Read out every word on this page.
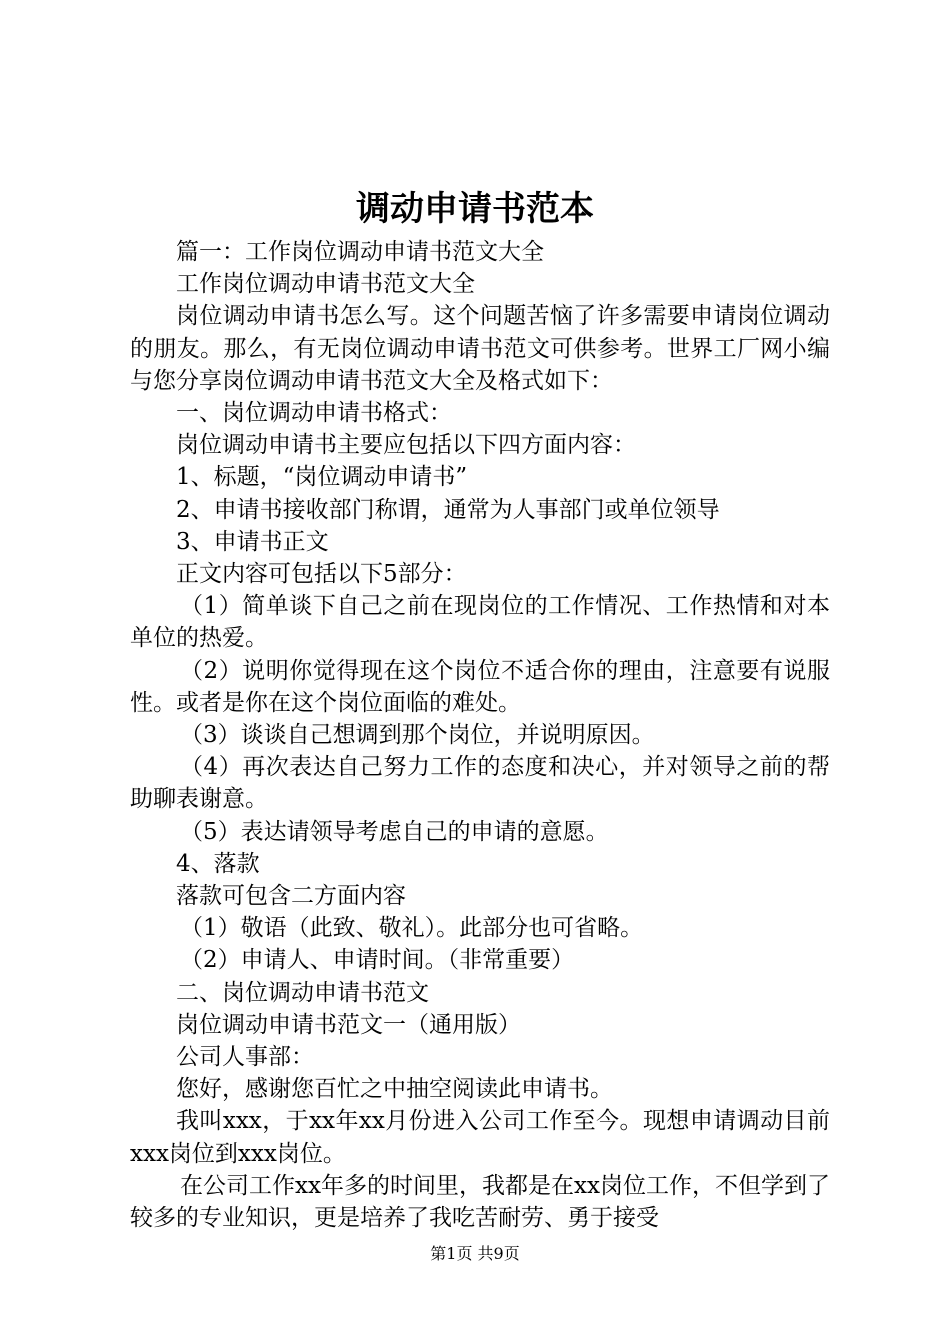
调动申请书范本

篇一：工作岗位调动申请书范文大全

工作岗位调动申请书范文大全

岗位调动申请书怎么写。这个问题苦恼了许多需要申请岗位调动的朋友。那么，有无岗位调动申请书范文可供参考。世界工厂网小编与您分享岗位调动申请书范文大全及格式如下：

一、岗位调动申请书格式：

岗位调动申请书主要应包括以下四方面内容：

1、标题，“岗位调动申请书”

2、申请书接收部门称谓，通常为人事部门或单位领导

3、申请书正文

正文内容可包括以下5部分：

（1）简单谈下自己之前在现岗位的工作情况、工作热情和对本单位的热爱。

（2）说明你觉得现在这个岗位不适合你的理由，注意要有说服性。或者是你在这个岗位面临的难处。

（3）谈谈自己想调到那个岗位，并说明原因。

（4）再次表达自己努力工作的态度和决心，并对领导之前的帮助聊表谢意。

（5）表达请领导考虑自己的申请的意愿。

4、落款

落款可包含二方面内容

（1）敬语（此致、敬礼）。此部分也可省略。

（2）申请人、申请时间。（非常重要）

二、岗位调动申请书范文

岗位调动申请书范文一（通用版）

公司人事部：

您好，感谢您百忙之中抽空阅读此申请书。

我叫xxx，于xx年xx月份进入公司工作至今。现想申请调动目前xxx岗位到xxx岗位。

在公司工作xx年多的时间里，我都是在xx岗位工作，不但学到了较多的专业知识，更是培养了我吃苦耐劳、勇于接受

第1页 共9页
